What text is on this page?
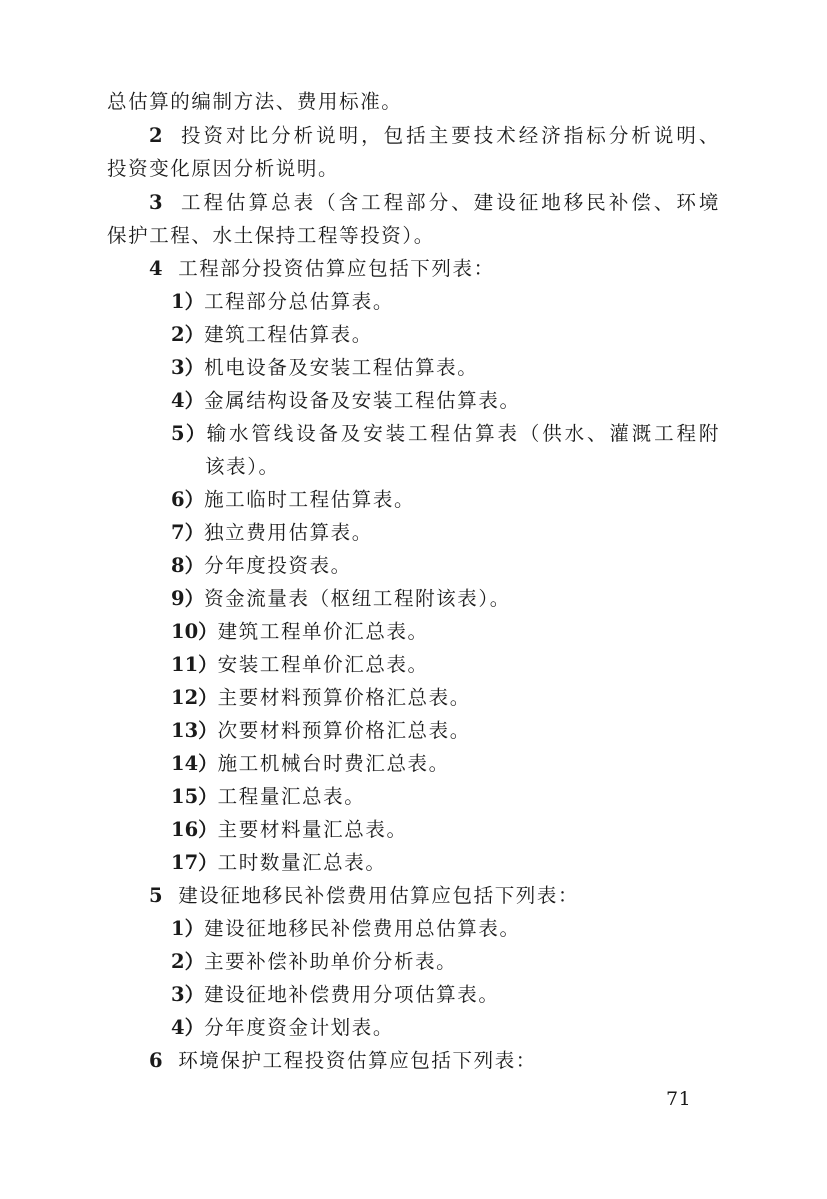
总估算的编制方法、费用标准。
2 投资对比分析说明，包括主要技术经济指标分析说明、
投资变化原因分析说明。
3 工程估算总表（含工程部分、建设征地移民补偿、环境
保护工程、水土保持工程等投资）。
4 工程部分投资估算应包括下列表：
1）工程部分总估算表。
2）建筑工程估算表。
3）机电设备及安装工程估算表。
4）金属结构设备及安装工程估算表。
5）输水管线设备及安装工程估算表（供水、灌溉工程附
该表）。
6）施工临时工程估算表。
7）独立费用估算表。
8）分年度投资表。
9）资金流量表（枢纽工程附该表）。
10）建筑工程单价汇总表。
11）安装工程单价汇总表。
12）主要材料预算价格汇总表。
13）次要材料预算价格汇总表。
14）施工机械台时费汇总表。
15）工程量汇总表。
16）主要材料量汇总表。
17）工时数量汇总表。
5 建设征地移民补偿费用估算应包括下列表：
1）建设征地移民补偿费用总估算表。
2）主要补偿补助单价分析表。
3）建设征地补偿费用分项估算表。
4）分年度资金计划表。
6 环境保护工程投资估算应包括下列表：
71
